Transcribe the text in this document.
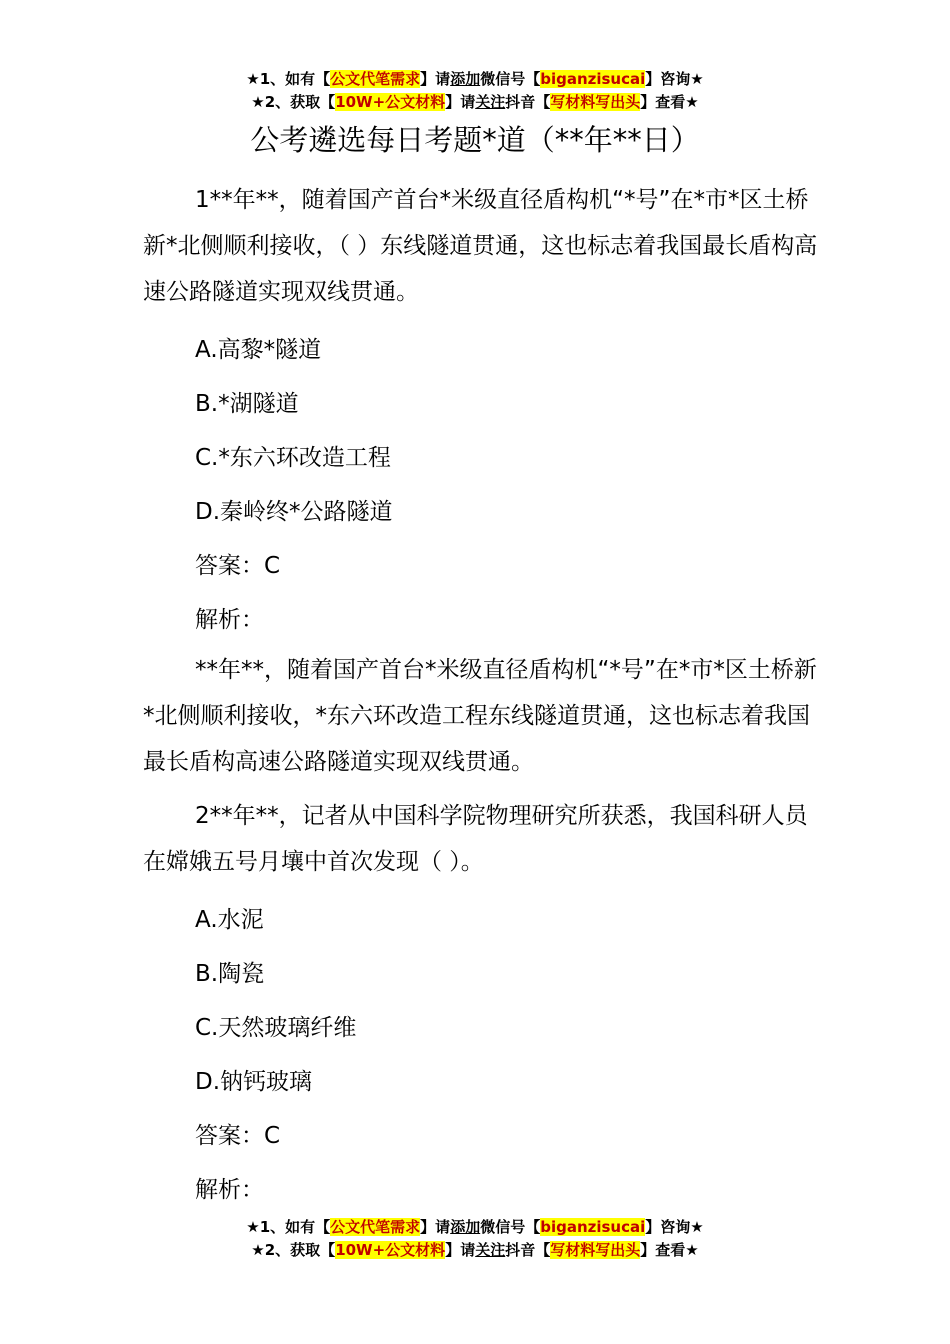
★1、如有【公文代笔需求】请添加微信号【biganzisucai】咨询★
★2、获取【10W+公文材料】请关注抖音【写材料写出头】查看★
公考遴选每日考题*道（**年**日）

1**年**，随着国产首台*米级直径盾构机“*号”在*市*区土桥新*北侧顺利接收，（ ）东线隧道贯通，这也标志着我国最长盾构高速公路隧道实现双线贯通。

A.高黎*隧道

B.*湖隧道

C.*东六环改造工程

D.秦岭终*公路隧道

答案：C

解析：

**年**，随着国产首台*米级直径盾构机“*号”在*市*区土桥新*北侧顺利接收，*东六环改造工程东线隧道贯通，这也标志着我国最长盾构高速公路隧道实现双线贯通。

2**年**，记者从中国科学院物理研究所获悉，我国科研人员在嫦娥五号月壤中首次发现（ ）。

A.水泥

B.陶瓷

C.天然玻璃纤维

D.钠钙玻璃

答案：C

解析：

★1、如有【公文代笔需求】请添加微信号【biganzisucai】咨询★
★2、获取【10W+公文材料】请关注抖音【写材料写出头】查看★
